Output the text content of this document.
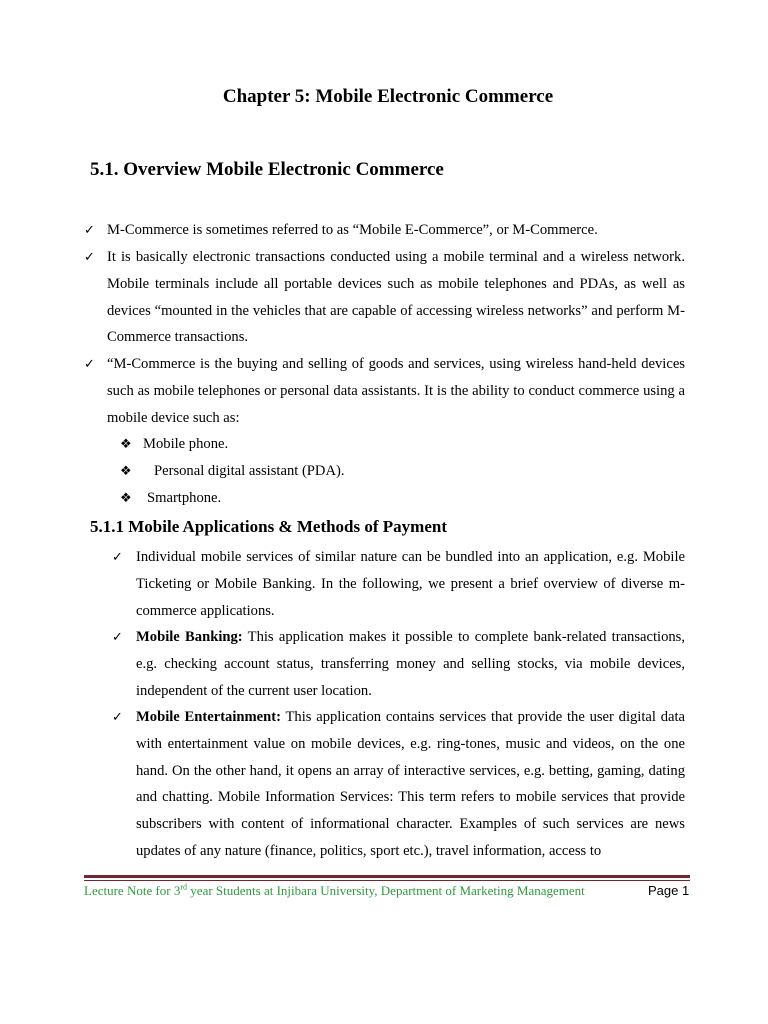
Chapter 5: Mobile Electronic Commerce
5.1. Overview Mobile Electronic Commerce
✓ M-Commerce is sometimes referred to as “Mobile E-Commerce”, or M-Commerce.
✓ It is basically electronic transactions conducted using a mobile terminal and a wireless network. Mobile terminals include all portable devices such as mobile telephones and PDAs, as well as devices “mounted in the vehicles that are capable of accessing wireless networks” and perform M-Commerce transactions.
✓ “M-Commerce is the buying and selling of goods and services, using wireless hand-held devices such as mobile telephones or personal data assistants. It is the ability to conduct commerce using a mobile device such as:
❖ Mobile phone.
❖ Personal digital assistant (PDA).
❖ Smartphone.
5.1.1 Mobile Applications & Methods of Payment
✓ Individual mobile services of similar nature can be bundled into an application, e.g. Mobile Ticketing or Mobile Banking. In the following, we present a brief overview of diverse m-commerce applications.
✓ Mobile Banking: This application makes it possible to complete bank-related transactions, e.g. checking account status, transferring money and selling stocks, via mobile devices, independent of the current user location.
✓ Mobile Entertainment: This application contains services that provide the user digital data with entertainment value on mobile devices, e.g. ring-tones, music and videos, on the one hand. On the other hand, it opens an array of interactive services, e.g. betting, gaming, dating and chatting. Mobile Information Services: This term refers to mobile services that provide subscribers with content of informational character. Examples of such services are news updates of any nature (finance, politics, sport etc.), travel information, access to
Lecture Note for 3rd year Students at Injibara University, Department of Marketing Management	Page 1
